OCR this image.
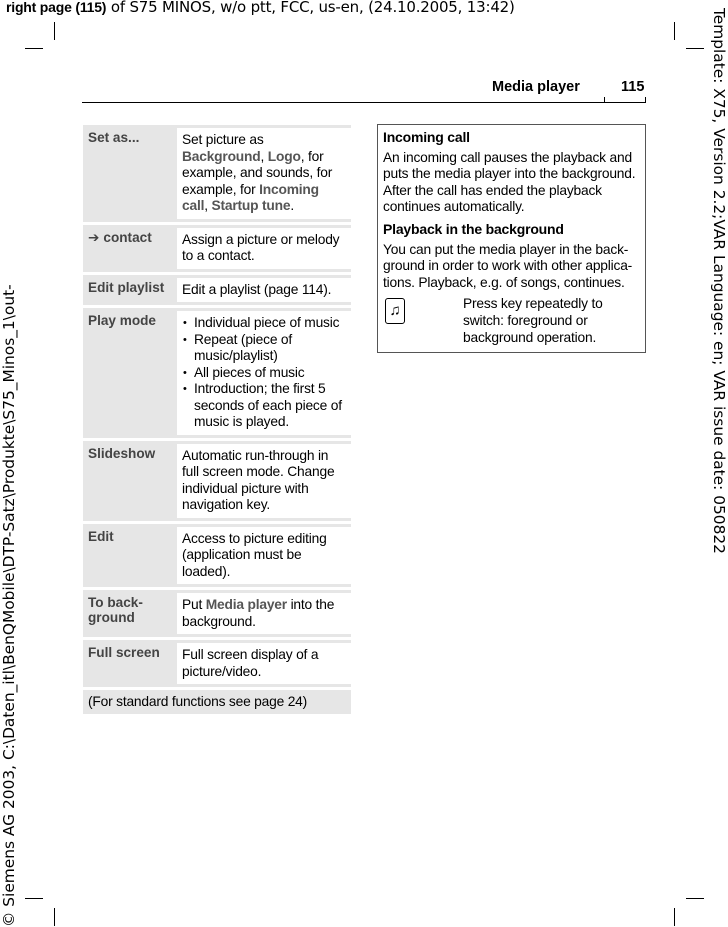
right page (115) of S75 MINOS, w/o ptt, FCC, us-en, (24.10.2005, 13:42)
Template: X75, Version 2.2;VAR Language: en; VAR issue date: 050822
© Siemens AG 2003, C:\Daten_itl\BenQMobile\DTP-Satz\Produkte\S75_Minos_1\out-
Media player	115
Set as...	Set picture as Background, Logo, for example, and sounds, for example, for Incoming call, Startup tune.
➔ contact	Assign a picture or melody to a contact.
Edit playlist	Edit a playlist (page 114).
Play mode
•	Individual piece of music
• Repeat (piece of music/playlist)
• All pieces of music
• Introduction; the first 5 seconds of each piece of music is played.
Slideshow	Automatic run-through in full screen mode. Change individual picture with navigation key.
Edit	Access to picture editing (application must be loaded).
To back-ground
Put Media player into the background.
Full screen	Full screen display of a picture/video.
(For standard functions see page 24)
Incoming call

An incoming call pauses the playback and puts the media player into the background. After the call has ended the playback continues automatically.

Playback in the background

You can put the media player in the back-ground in order to work with other applica-tions. Playback, e.g. of songs, continues.

♫	Press key repeatedly to switch: foreground or background operation.
